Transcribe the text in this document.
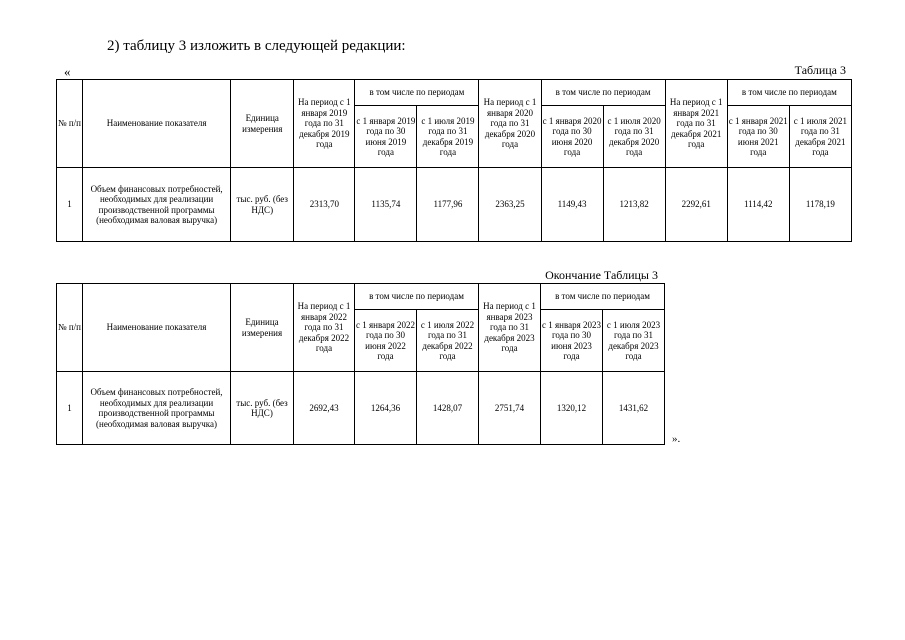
2) таблицу 3 изложить в следующей редакции:
«	Таблица 3
№ п/п	Наименование показателя	Единица измерения	На период с 1 января 2019 года по 31 декабря 2019 года	в том числе по периодам		На период с 1 января 2020 года по 31 декабря 2020 года	в том числе по периодам		На период с 1 января 2021 года по 31 декабря 2021 года	в том числе по периодам	
				с 1 января 2019 года по 30 июня 2019 года	с 1 июля 2019 года по 31 декабря 2019 года		с 1 января 2020 года по 30 июня 2020 года	с 1 июля 2020 года по 31 декабря 2020 года		с 1 января 2021 года по 30 июня 2021 года	с 1 июля 2021 года по 31 декабря 2021 года
1	Объем финансовых потребностей, необходимых для реализации производственной программы (необходимая валовая выручка)	тыс. руб. (без НДС)	2313,70	1135,74	1177,96	2363,25	1149,43	1213,82	2292,61	1114,42	1178,19
Окончание Таблицы 3
№ п/п	Наименование показателя	Единица измерения	На период с 1 января 2022 года по 31 декабря 2022 года	в том числе по периодам		На период с 1 января 2023 года по 31 декабря 2023 года	в том числе по периодам	
				с 1 января 2022 года по 30 июня 2022 года	с 1 июля 2022 года по 31 декабря 2022 года		с 1 января 2023 года по 30 июня 2023 года	с 1 июля 2023 года по 31 декабря 2023 года
1	Объем финансовых потребностей, необходимых для реализации производственной программы (необходимая валовая выручка)	тыс. руб. (без НДС)	2692,43	1264,36	1428,07	2751,74	1320,12	1431,62
».
